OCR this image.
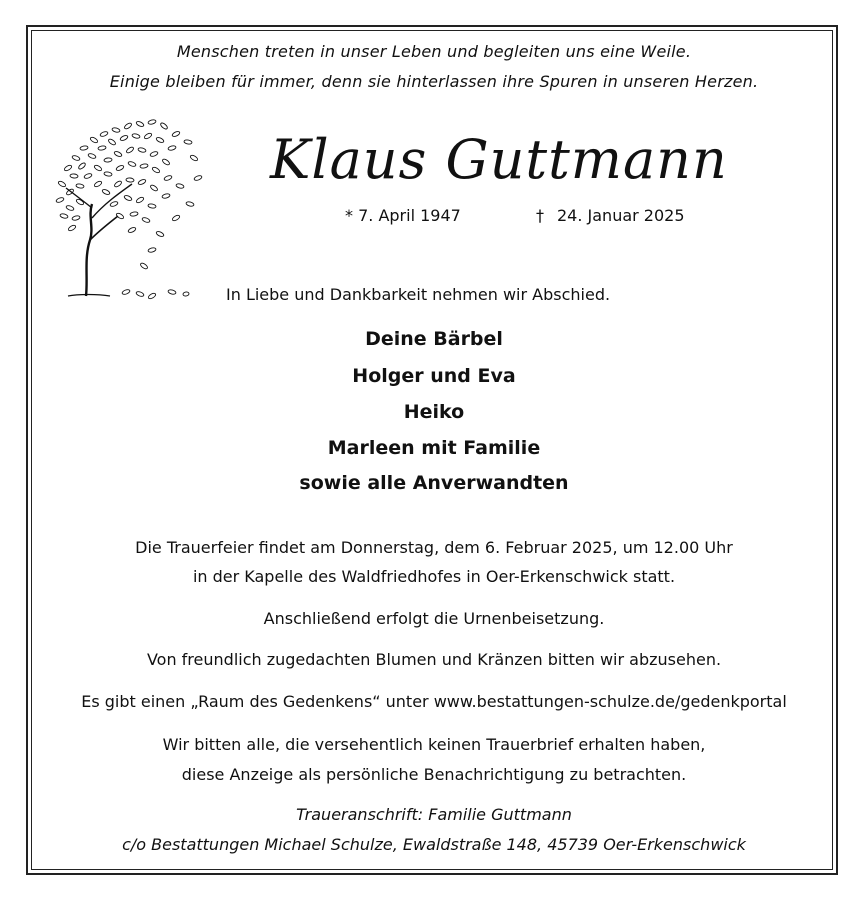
Menschen treten in unser Leben und begleiten uns eine Weile.
Einige bleiben für immer, denn sie hinterlassen ihre Spuren in unseren Herzen.
Klaus Guttmann
* 7. April 1947	† 24. Januar 2025
In Liebe und Dankbarkeit nehmen wir Abschied.
Deine Bärbel
Holger und Eva
Heiko
Marleen mit Familie
sowie alle Anverwandten
Die Trauerfeier findet am Donnerstag, dem 6. Februar 2025, um 12.00 Uhr
in der Kapelle des Waldfriedhofes in Oer-Erkenschwick statt.
Anschließend erfolgt die Urnenbeisetzung.
Von freundlich zugedachten Blumen und Kränzen bitten wir abzusehen.
Es gibt einen „Raum des Gedenkens“ unter www.bestattungen-schulze.de/gedenkportal
Wir bitten alle, die versehentlich keinen Trauerbrief erhalten haben,
diese Anzeige als persönliche Benachrichtigung zu betrachten.
Traueranschrift: Familie Guttmann
c/o Bestattungen Michael Schulze, Ewaldstraße 148, 45739 Oer-Erkenschwick
